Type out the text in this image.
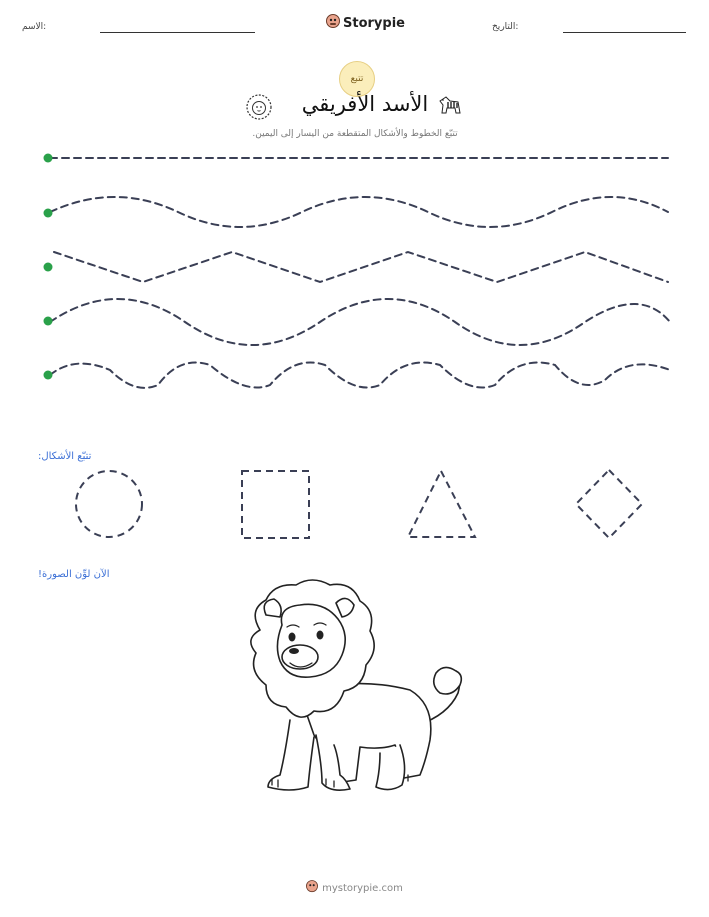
الاسم:	Storypie	التاريخ:
تتبع
الأسد الأفريقي
تتبّع الخطوط والأشكال المتقطعة من اليسار إلى اليمين.
تتبّع الأشكال:
الآن لوِّن الصورة!
mystorypie.com
